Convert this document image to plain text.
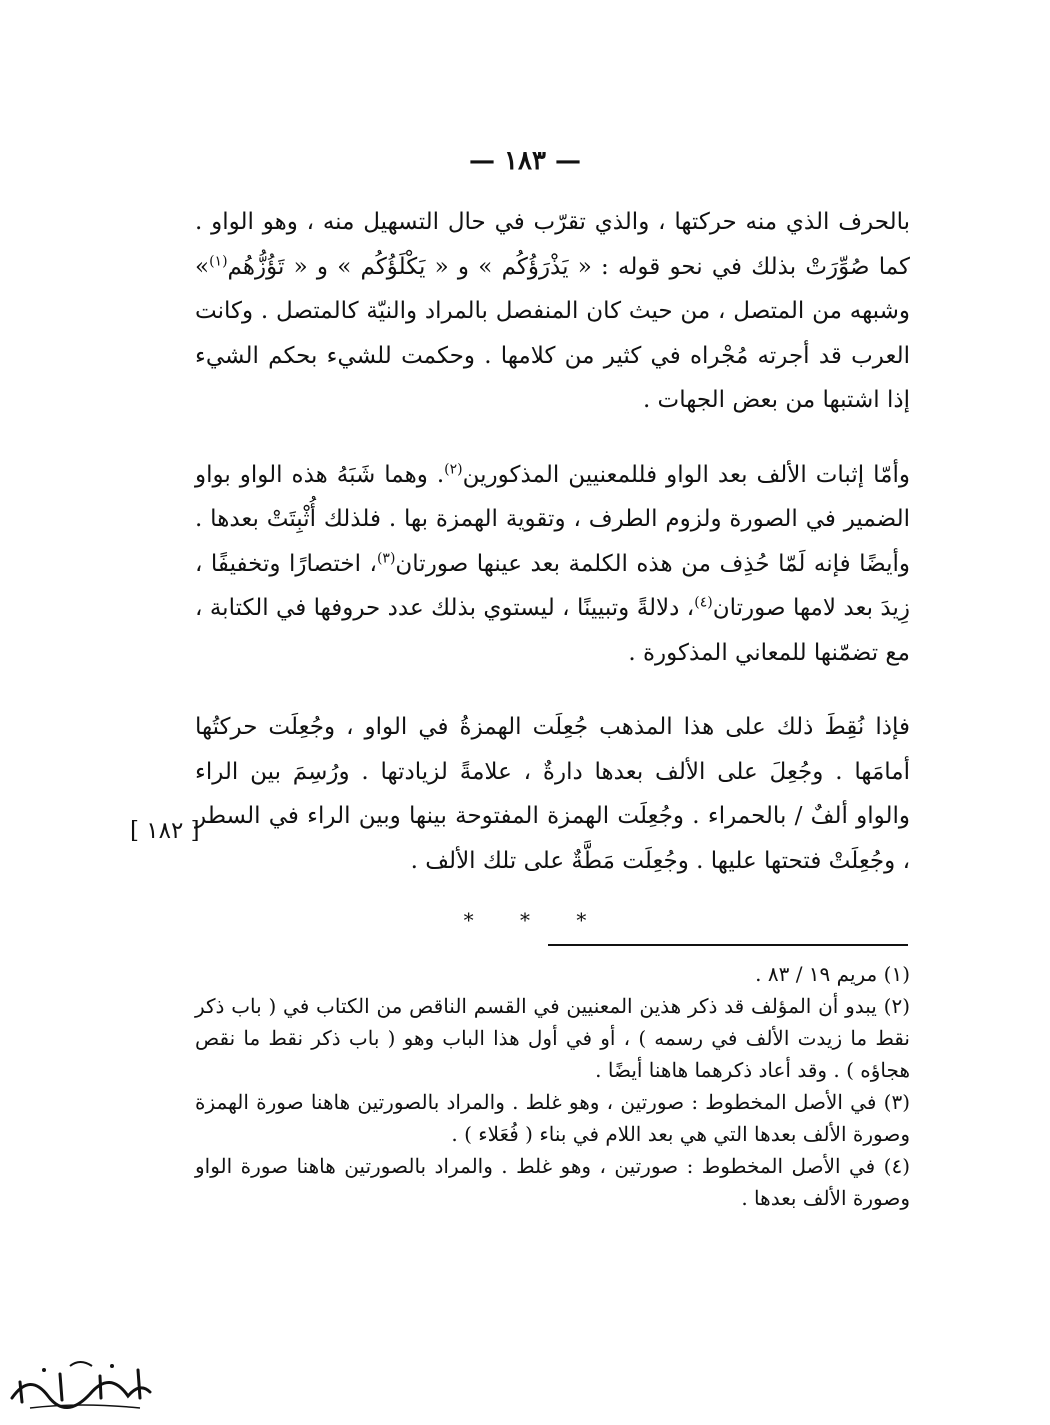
— ١٨٣ —

بالحرف الذي منه حركتها ، والذي تقرّب في حال التسهيل منه ، وهو الواو . كما صُوِّرَتْ بذلك في نحو قوله : « يَذْرَؤُكُم » و « يَكْلَؤُكُم » و « تَؤُزُّهُم$^{(١)}$» وشبهه من المتصل ، من حيث كان المنفصل بالمراد والنيّة كالمتصل . وكانت العرب قد أجرته مُجْراه في كثير من كلامها . وحكمت للشيء بحكم الشيء إذا اشتبها من بعض الجهات .

وأمّا إثبات الألف بعد الواو فللمعنيين المذكورين$^{(٢)}$. وهما شَبَهُ هذه الواو بواو الضمير في الصورة ولزوم الطرف ، وتقوية الهمزة بها . فلذلك أُثْبِتَتْ بعدها . وأيضًا فإنه لَمّا حُذِف من هذه الكلمة بعد عينها صورتان$^{(٣)}$، اختصارًا وتخفيفًا ، زِيدَ بعد لامها صورتان$^{(٤)}$، دلالةً وتبيينًا ، ليستوي بذلك عدد حروفها في الكتابة ، مع تضمّنها للمعاني المذكورة .

فإذا نُقِطَ ذلك على هذا المذهب جُعِلَت الهمزةُ في الواو ، وجُعِلَت حركتُها أمامَها . وجُعِلَ على الألف بعدها دارةٌ ، علامةً لزيادتها . ورُسِمَ بين الراء والواو ألفٌ / بالحمراء . وجُعِلَت الهمزة المفتوحة بينها وبين الراء في السطر ، وجُعِلَتْ فتحتها عليها . وجُعِلَت مَطَّةٌ على تلك الألف .

[ ١٨٢ ]
* * *

(١) مريم ١٩ / ٨٣ .

(٢) يبدو أن المؤلف قد ذكر هذين المعنيين في القسم الناقص من الكتاب في ( باب ذكر نقط ما زيدت الألف في رسمه ) ، أو في أول هذا الباب وهو ( باب ذكر نقط ما نقص هجاؤه ) . وقد أعاد ذكرهما هاهنا أيضًا .

(٣) في الأصل المخطوط : صورتين ، وهو غلط . والمراد بالصورتين هاهنا صورة الهمزة وصورة الألف بعدها التي هي بعد اللام في بناء ( فُعَلاء ) .

(٤) في الأصل المخطوط : صورتين ، وهو غلط . والمراد بالصورتين هاهنا صورة الواو وصورة الألف بعدها .
